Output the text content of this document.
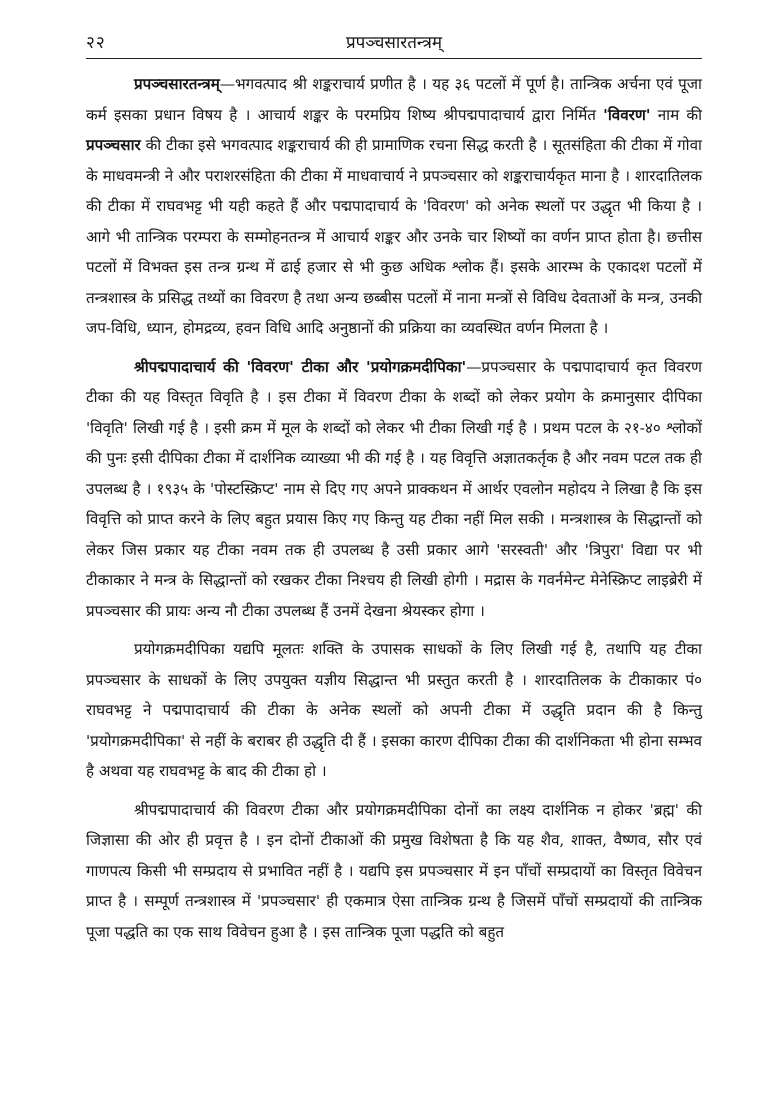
२२	प्रपञ्चसारतन्त्रम्

प्रपञ्चसारतन्त्रम्—भगवत्पाद श्री शङ्कराचार्य प्रणीत है । यह ३६ पटलों में पूर्ण है। तान्त्रिक अर्चना एवं पूजा कर्म इसका प्रधान विषय है । आचार्य शङ्कर के परमप्रिय शिष्य श्रीपद्मपादाचार्य द्वारा निर्मित 'विवरण' नाम की प्रपञ्चसार की टीका इसे भगवत्पाद शङ्कराचार्य की ही प्रामाणिक रचना सिद्ध करती है । सूतसंहिता की टीका में गोवा के माधवमन्त्री ने और पराशरसंहिता की टीका में माधवाचार्य ने प्रपञ्चसार को शङ्कराचार्यकृत माना है । शारदातिलक की टीका में राघवभट्ट भी यही कहते हैं और पद्मपादाचार्य के 'विवरण' को अनेक स्थलों पर उद्धृत भी किया है । आगे भी तान्त्रिक परम्परा के सम्मोहनतन्त्र में आचार्य शङ्कर और उनके चार शिष्यों का वर्णन प्राप्त होता है। छत्तीस पटलों में विभक्त इस तन्त्र ग्रन्थ में ढाई हजार से भी कुछ अधिक श्लोक हैं। इसके आरम्भ के एकादश पटलों में तन्त्रशास्त्र के प्रसिद्ध तथ्यों का विवरण है तथा अन्य छब्बीस पटलों में नाना मन्त्रों से विविध देवताओं के मन्त्र, उनकी जप-विधि, ध्यान, होमद्रव्य, हवन विधि आदि अनुष्ठानों की प्रक्रिया का व्यवस्थित वर्णन मिलता है ।

श्रीपद्मपादाचार्य की 'विवरण' टीका और 'प्रयोगक्रमदीपिका'—प्रपञ्चसार के पद्मपादाचार्य कृत विवरण टीका की यह विस्तृत विवृति है । इस टीका में विवरण टीका के शब्दों को लेकर प्रयोग के क्रमानुसार दीपिका 'विवृति' लिखी गई है । इसी क्रम में मूल के शब्दों को लेकर भी टीका लिखी गई है । प्रथम पटल के २१-४० श्लोकों की पुनः इसी दीपिका टीका में दार्शनिक व्याख्या भी की गई है । यह विवृत्ति अज्ञातकर्तृक है और नवम पटल तक ही उपलब्ध है । १९३५ के 'पोस्टस्क्रिप्ट' नाम से दिए गए अपने प्राक्कथन में आर्थर एवलोन महोदय ने लिखा है कि इस विवृत्ति को प्राप्त करने के लिए बहुत प्रयास किए गए किन्तु यह टीका नहीं मिल सकी । मन्त्रशास्त्र के सिद्धान्तों को लेकर जिस प्रकार यह टीका नवम तक ही उपलब्ध है उसी प्रकार आगे 'सरस्वती' और 'त्रिपुरा' विद्या पर भी टीकाकार ने मन्त्र के सिद्धान्तों को रखकर टीका निश्चय ही लिखी होगी । मद्रास के गवर्नमेन्ट मेनेस्क्रिप्ट लाइब्रेरी में प्रपञ्चसार की प्रायः अन्य नौ टीका उपलब्ध हैं उनमें देखना श्रेयस्कर होगा ।

प्रयोगक्रमदीपिका यद्यपि मूलतः शक्ति के उपासक साधकों के लिए लिखी गई है, तथापि यह टीका प्रपञ्चसार के साधकों के लिए उपयुक्त यज्ञीय सिद्धान्त भी प्रस्तुत करती है । शारदातिलक के टीकाकार पं० राघवभट्ट ने पद्मपादाचार्य की टीका के अनेक स्थलों को अपनी टीका में उद्धृति प्रदान की है किन्तु 'प्रयोगक्रमदीपिका' से नहीं के बराबर ही उद्धृति दी हैं । इसका कारण दीपिका टीका की दार्शनिकता भी होना सम्भव है अथवा यह राघवभट्ट के बाद की टीका हो ।

श्रीपद्मपादाचार्य की विवरण टीका और प्रयोगक्रमदीपिका दोनों का लक्ष्य दार्शनिक न होकर 'ब्रह्म' की जिज्ञासा की ओर ही प्रवृत्त है । इन दोनों टीकाओं की प्रमुख विशेषता है कि यह शैव, शाक्त, वैष्णव, सौर एवं गाणपत्य किसी भी सम्प्रदाय से प्रभावित नहीं है । यद्यपि इस प्रपञ्चसार में इन पाँचों सम्प्रदायों का विस्तृत विवेचन प्राप्त है । सम्पूर्ण तन्त्रशास्त्र में 'प्रपञ्चसार' ही एकमात्र ऐसा तान्त्रिक ग्रन्थ है जिसमें पाँचों सम्प्रदायों की तान्त्रिक पूजा पद्धति का एक साथ विवेचन हुआ है । इस तान्त्रिक पूजा पद्धति को बहुत
